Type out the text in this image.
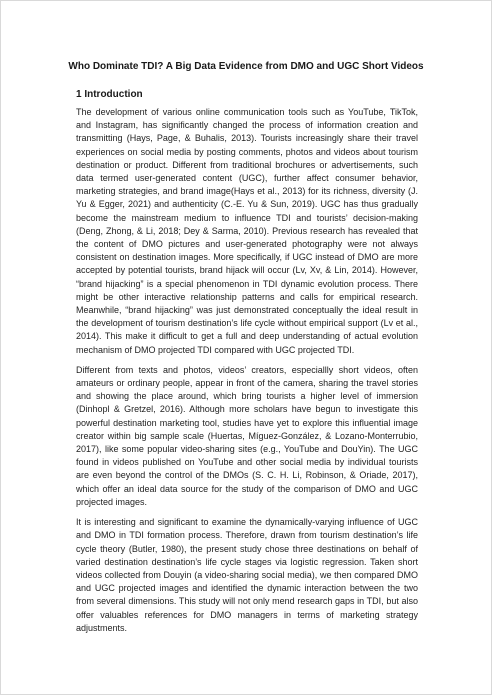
Who Dominate TDI? A Big Data Evidence from DMO and UGC Short Videos
1 Introduction

The development of various online communication tools such as YouTube, TikTok, and Instagram, has significantly changed the process of information creation and transmitting (Hays, Page, & Buhalis, 2013). Tourists increasingly share their travel experiences on social media by posting comments, photos and videos about tourism destination or product. Different from traditional brochures or advertisements, such data termed user-generated content (UGC), further affect consumer behavior, marketing strategies, and brand image(Hays et al., 2013) for its richness, diversity (J. Yu & Egger, 2021) and authenticity (C.-E. Yu & Sun, 2019). UGC has thus gradually become the mainstream medium to influence TDI and tourists’ decision-making (Deng, Zhong, & Li, 2018; Dey & Sarma, 2010). Previous research has revealed that the content of DMO pictures and user-generated photography were not always consistent on destination images. More specifically, if UGC instead of DMO are more accepted by potential tourists, brand hijack will occur (Lv, Xv, & Lin, 2014). However, “brand hijacking” is a special phenomenon in TDI dynamic evolution process. There might be other interactive relationship patterns and calls for empirical research. Meanwhile, “brand hijacking” was just demonstrated conceptually the ideal result in the development of tourism destination’s life cycle without empirical support (Lv et al., 2014). This make it difficult to get a full and deep understanding of actual evolution mechanism of DMO projected TDI compared with UGC projected TDI.

Different from texts and photos, videos’ creators, especiallly short videos, often amateurs or ordinary people, appear in front of the camera, sharing the travel stories and showing the place around, which bring tourists a higher level of immersion (Dinhopl & Gretzel, 2016). Although more scholars have begun to investigate this powerful destination marketing tool, studies have yet to explore this influential image creator within big sample scale (Huertas, Míguez-González, & Lozano-Monterrubio, 2017), like some popular video-sharing sites (e.g., YouTube and DouYin). The UGC found in videos published on YouTube and other social media by individual tourists are even beyond the control of the DMOs (S. C. H. Li, Robinson, & Oriade, 2017), which offer an ideal data source for the study of the comparison of DMO and UGC projected images.

It is interesting and significant to examine the dynamically-varying influence of UGC and DMO in TDI formation process. Therefore, drawn from tourism destination’s life cycle theory (Butler, 1980), the present study chose three destinations on behalf of varied destination destination’s life cycle stages via logistic regression. Taken short videos collected from Douyin (a video-sharing social media), we then compared DMO and UGC projected images and identified the dynamic interaction between the two from several dimensions. This study will not only mend research gaps in TDI, but also offer valuables references for DMO managers in terms of marketing strategy adjustments.
